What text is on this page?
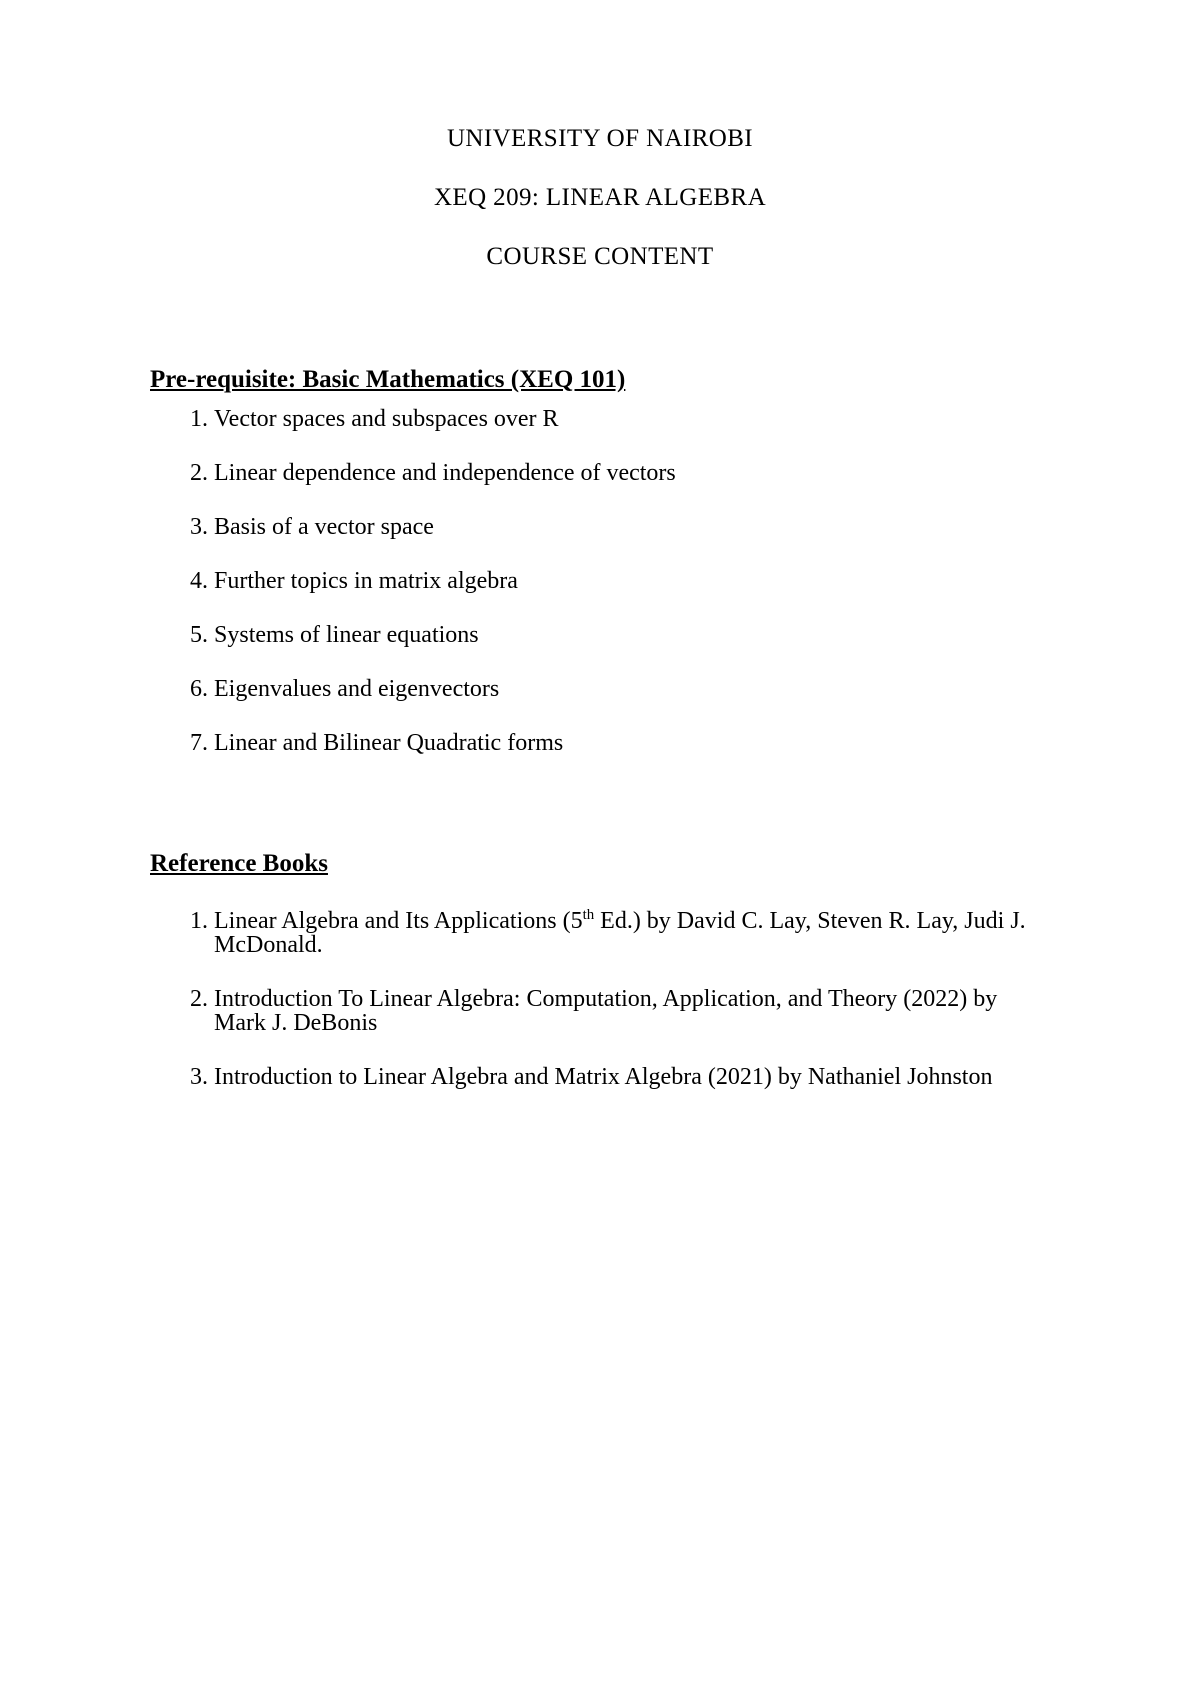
UNIVERSITY OF NAIROBI
XEQ 209: LINEAR ALGEBRA
COURSE CONTENT
Pre-requisite: Basic Mathematics (XEQ 101)
1. Vector spaces and subspaces over R
2. Linear dependence and independence of vectors
3. Basis of a vector space
4. Further topics in matrix algebra
5. Systems of linear equations
6. Eigenvalues and eigenvectors
7. Linear and Bilinear Quadratic forms
Reference Books
1. Linear Algebra and Its Applications (5th Ed.) by David C. Lay, Steven R. Lay, Judi J. McDonald.
2. Introduction To Linear Algebra: Computation, Application, and Theory (2022) by Mark J. DeBonis
3. Introduction to Linear Algebra and Matrix Algebra (2021) by Nathaniel Johnston
